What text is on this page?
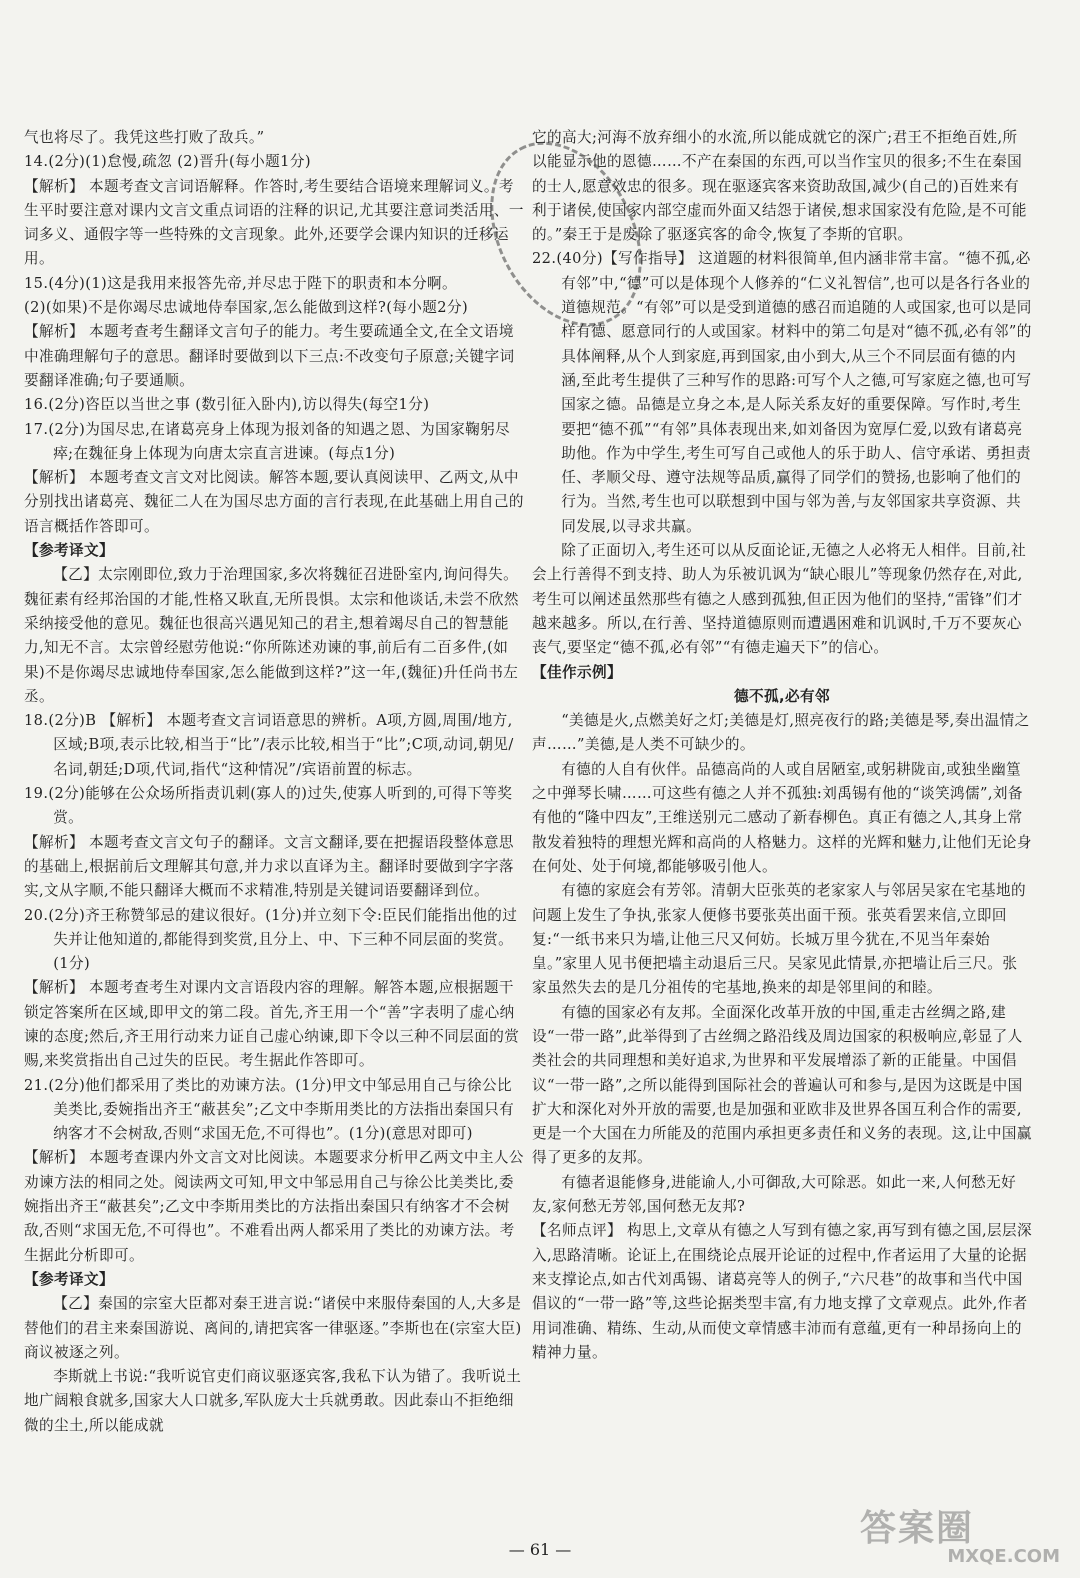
气也将尽了。我凭这些打败了敌兵。”

14.(2分)(1)怠慢,疏忽 (2)晋升(每小题1分)

【解析】 本题考查文言词语解释。作答时,考生要结合语境来理解词义。考生平时要注意对课内文言文重点词语的注释的识记,尤其要注意词类活用、一词多义、通假字等一些特殊的文言现象。此外,还要学会课内知识的迁移运用。

15.(4分)(1)这是我用来报答先帝,并尽忠于陛下的职责和本分啊。

(2)(如果)不是你竭尽忠诚地侍奉国家,怎么能做到这样?(每小题2分)

【解析】 本题考查考生翻译文言句子的能力。考生要疏通全文,在全文语境中准确理解句子的意思。翻译时要做到以下三点:不改变句子原意;关键字词要翻译准确;句子要通顺。

16.(2分)咨臣以当世之事 (数引征入卧内),访以得失(每空1分)

17.(2分)为国尽忠,在诸葛亮身上体现为报刘备的知遇之恩、为国家鞠躬尽瘁;在魏征身上体现为向唐太宗直言进谏。(每点1分)

【解析】 本题考查文言文对比阅读。解答本题,要认真阅读甲、乙两文,从中分别找出诸葛亮、魏征二人在为国尽忠方面的言行表现,在此基础上用自己的语言概括作答即可。

【参考译文】

【乙】太宗刚即位,致力于治理国家,多次将魏征召进卧室内,询问得失。魏征素有经邦治国的才能,性格又耿直,无所畏惧。太宗和他谈话,未尝不欣然采纳接受他的意见。魏征也很高兴遇见知己的君主,想着竭尽自己的智慧能力,知无不言。太宗曾经慰劳他说:“你所陈述劝谏的事,前后有二百多件,(如果)不是你竭尽忠诚地侍奉国家,怎么能做到这样?”这一年,(魏征)升任尚书左丞。

18.(2分)B 【解析】 本题考查文言词语意思的辨析。A项,方圆,周围/地方,区域;B项,表示比较,相当于“比”/表示比较,相当于“比”;C项,动词,朝见/名词,朝廷;D项,代词,指代“这种情况”/宾语前置的标志。

19.(2分)能够在公众场所指责讥刺(寡人的)过失,使寡人听到的,可得下等奖赏。

【解析】 本题考查文言文句子的翻译。文言文翻译,要在把握语段整体意思的基础上,根据前后文理解其句意,并力求以直译为主。翻译时要做到字字落实,文从字顺,不能只翻译大概而不求精准,特别是关键词语要翻译到位。

20.(2分)齐王称赞邹忌的建议很好。(1分)并立刻下令:臣民们能指出他的过失并让他知道的,都能得到奖赏,且分上、中、下三种不同层面的奖赏。(1分)

【解析】 本题考查考生对课内文言语段内容的理解。解答本题,应根据题干锁定答案所在区域,即甲文的第二段。首先,齐王用一个“善”字表明了虚心纳谏的态度;然后,齐王用行动来力证自己虚心纳谏,即下令以三种不同层面的赏赐,来奖赏指出自己过失的臣民。考生据此作答即可。

21.(2分)他们都采用了类比的劝谏方法。(1分)甲文中邹忌用自己与徐公比美类比,委婉指出齐王“蔽甚矣”;乙文中李斯用类比的方法指出秦国只有纳客才不会树敌,否则“求国无危,不可得也”。(1分)(意思对即可)

【解析】 本题考查课内外文言文对比阅读。本题要求分析甲乙两文中主人公劝谏方法的相同之处。阅读两文可知,甲文中邹忌用自己与徐公比美类比,委婉指出齐王“蔽甚矣”;乙文中李斯用类比的方法指出秦国只有纳客才不会树敌,否则“求国无危,不可得也”。不难看出两人都采用了类比的劝谏方法。考生据此分析即可。

【参考译文】

【乙】秦国的宗室大臣都对秦王进言说:“诸侯中来服侍秦国的人,大多是替他们的君主来秦国游说、离间的,请把宾客一律驱逐。”李斯也在(宗室大臣)商议被逐之列。

李斯就上书说:“我听说官吏们商议驱逐宾客,我私下认为错了。我听说土地广阔粮食就多,国家大人口就多,军队庞大士兵就勇敢。因此泰山不拒绝细微的尘土,所以能成就

它的高大;河海不放弃细小的水流,所以能成就它的深广;君王不拒绝百姓,所以能显示他的恩德……不产在秦国的东西,可以当作宝贝的很多;不生在秦国的士人,愿意效忠的很多。现在驱逐宾客来资助敌国,减少(自己的)百姓来有利于诸侯,使国家内部空虚而外面又结怨于诸侯,想求国家没有危险,是不可能的。”秦王于是废除了驱逐宾客的命令,恢复了李斯的官职。

22.(40分)【写作指导】 这道题的材料很简单,但内涵非常丰富。“德不孤,必有邻”中,“德”可以是体现个人修养的“仁义礼智信”,也可以是各行各业的道德规范。“有邻”可以是受到道德的感召而追随的人或国家,也可以是同样有德、愿意同行的人或国家。材料中的第二句是对“德不孤,必有邻”的具体阐释,从个人到家庭,再到国家,由小到大,从三个不同层面有德的内涵,至此考生提供了三种写作的思路:可写个人之德,可写家庭之德,也可写国家之德。品德是立身之本,是人际关系友好的重要保障。写作时,考生要把“德不孤”“有邻”具体表现出来,如刘备因为宽厚仁爱,以致有诸葛亮助他。作为中学生,考生可写自己或他人的乐于助人、信守承诺、勇担责任、孝顺父母、遵守法规等品质,赢得了同学们的赞扬,也影响了他们的行为。当然,考生也可以联想到中国与邻为善,与友邻国家共享资源、共同发展,以寻求共赢。

除了正面切入,考生还可以从反面论证,无德之人必将无人相伴。目前,社会上行善得不到支持、助人为乐被讥讽为“缺心眼儿”等现象仍然存在,对此,考生可以阐述虽然那些有德之人感到孤独,但正因为他们的坚持,“雷锋”们才越来越多。所以,在行善、坚持道德原则而遭遇困难和讥讽时,千万不要灰心丧气,要坚定“德不孤,必有邻”“有德走遍天下”的信心。

【佳作示例】

德不孤,必有邻

“美德是火,点燃美好之灯;美德是灯,照亮夜行的路;美德是琴,奏出温情之声……”美德,是人类不可缺少的。

有德的人自有伙伴。品德高尚的人或自居陋室,或躬耕陇亩,或独坐幽篁之中弹琴长啸……可这些有德之人并不孤独:刘禹锡有他的“谈笑鸿儒”,刘备有他的“隆中四友”,王维送别元二感动了新春柳色。真正有德之人,其身上常散发着独特的理想光辉和高尚的人格魅力。这样的光辉和魅力,让他们无论身在何处、处于何境,都能够吸引他人。

有德的家庭会有芳邻。清朝大臣张英的老家家人与邻居吴家在宅基地的问题上发生了争执,张家人便修书要张英出面干预。张英看罢来信,立即回复:“一纸书来只为墙,让他三尺又何妨。长城万里今犹在,不见当年秦始皇。”家里人见书便把墙主动退后三尺。吴家见此情景,亦把墙让后三尺。张家虽然失去的是几分祖传的宅基地,换来的却是邻里间的和睦。

有德的国家必有友邦。全面深化改革开放的中国,重走古丝绸之路,建设“一带一路”,此举得到了古丝绸之路沿线及周边国家的积极响应,彰显了人类社会的共同理想和美好追求,为世界和平发展增添了新的正能量。中国倡议“一带一路”,之所以能得到国际社会的普遍认可和参与,是因为这既是中国扩大和深化对外开放的需要,也是加强和亚欧非及世界各国互利合作的需要,更是一个大国在力所能及的范围内承担更多责任和义务的表现。这,让中国赢得了更多的友邦。

有德者退能修身,进能谕人,小可御敌,大可除恶。如此一来,人何愁无好友,家何愁无芳邻,国何愁无友邦?

【名师点评】 构思上,文章从有德之人写到有德之家,再写到有德之国,层层深入,思路清晰。论证上,在围绕论点展开论证的过程中,作者运用了大量的论据来支撑论点,如古代刘禹锡、诸葛亮等人的例子,“六尺巷”的故事和当代中国倡议的“一带一路”等,这些论据类型丰富,有力地支撑了文章观点。此外,作者用词准确、精练、生动,从而使文章情感丰沛而有意蕴,更有一种昂扬向上的精神力量。

— 61 —
答案圈
MXQE.COM
